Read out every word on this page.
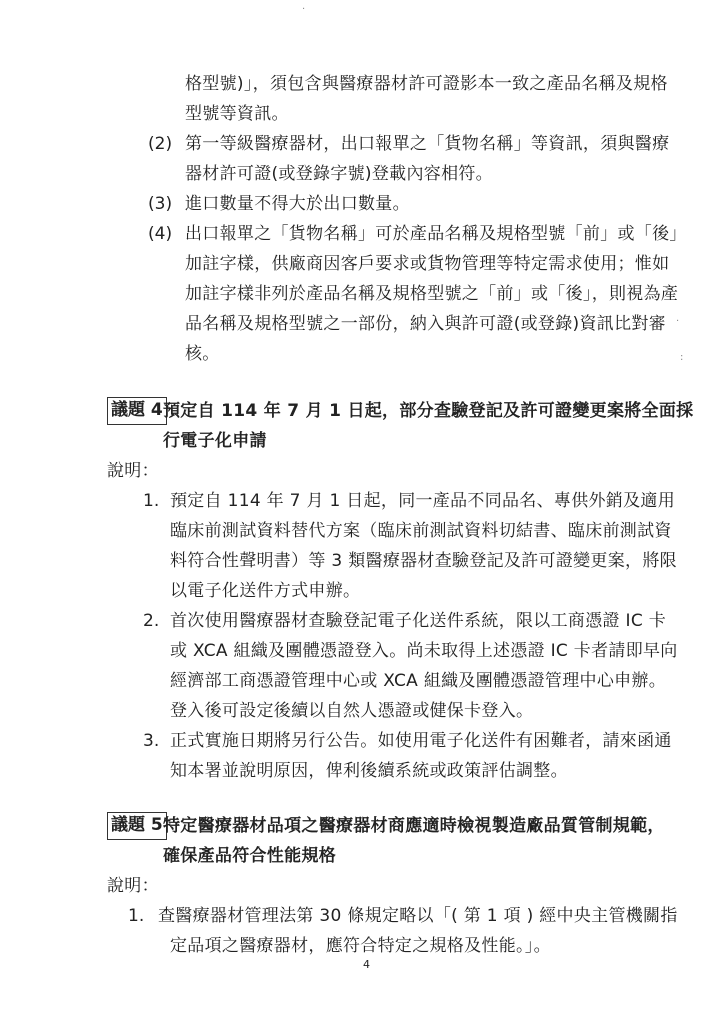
格型號)」，須包含與醫療器材許可證影本一致之產品名稱及規格
型號等資訊。
(2) 第一等級醫療器材，出口報單之「貨物名稱」等資訊，須與醫療
器材許可證(或登錄字號)登載內容相符。
(3) 進口數量不得大於出口數量。
(4) 出口報單之「貨物名稱」可於產品名稱及規格型號「前」或「後」
加註字樣，供廠商因客戶要求或貨物管理等特定需求使用；惟如
加註字樣非列於產品名稱及規格型號之「前」或「後」，則視為產
品名稱及規格型號之一部份，納入與許可證(或登錄)資訊比對審
核。
議題 4 預定自 114 年 7 月 1 日起，部分查驗登記及許可證變更案將全面採
行電子化申請
說明：
1. 預定自 114 年 7 月 1 日起，同一產品不同品名、專供外銷及適用
臨床前測試資料替代方案（臨床前測試資料切結書、臨床前測試資
料符合性聲明書）等 3 類醫療器材查驗登記及許可證變更案，將限
以電子化送件方式申辦。
2. 首次使用醫療器材查驗登記電子化送件系統，限以工商憑證 IC 卡
或 XCA 組織及團體憑證登入。尚未取得上述憑證 IC 卡者請即早向
經濟部工商憑證管理中心或 XCA 組織及團體憑證管理中心申辦。
登入後可設定後續以自然人憑證或健保卡登入。
3. 正式實施日期將另行公告。如使用電子化送件有困難者，請來函通
知本署並說明原因，俾利後續系統或政策評估調整。
議題 5 特定醫療器材品項之醫療器材商應適時檢視製造廠品質管制規範，
確保產品符合性能規格
說明：
1. 查醫療器材管理法第 30 條規定略以「( 第 1 項 ) 經中央主管機關指
定品項之醫療器材，應符合特定之規格及性能。」。
4
·
:
·
